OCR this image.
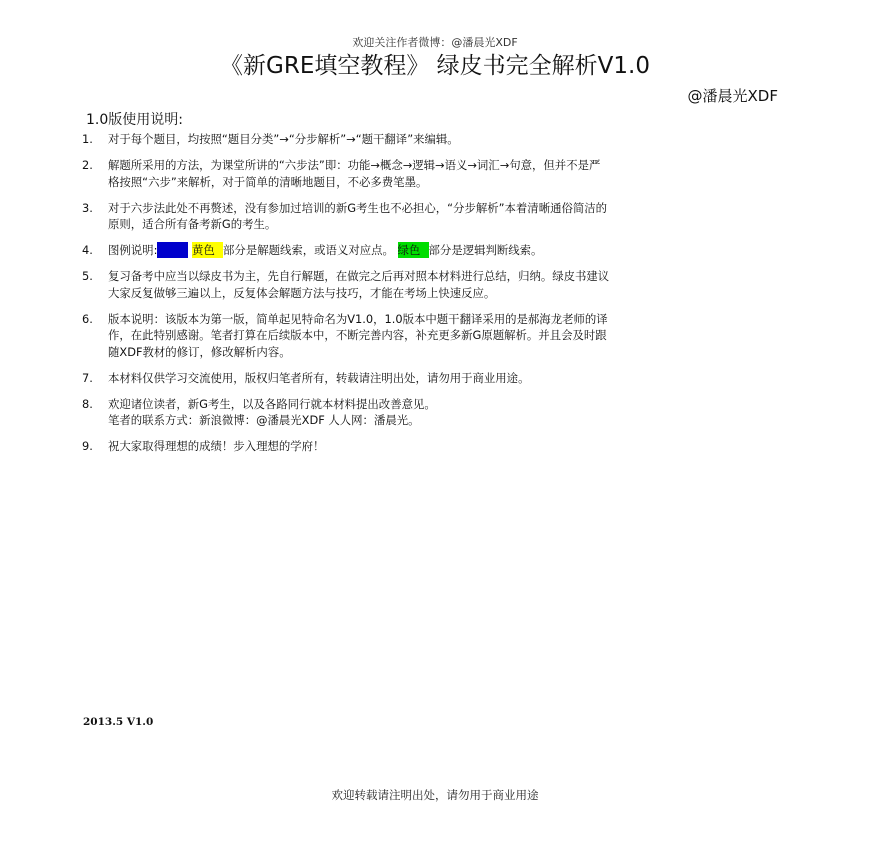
欢迎关注作者微博：@潘晨光XDF
《新GRE填空教程》 绿皮书完全解析V1.0
@潘晨光XDF
1.0版使用说明:
1.	对于每个题目，均按照“题目分类”→“分步解析”→“题干翻译”来编辑。
2.	解题所采用的方法，为课堂所讲的“六步法”即：功能→概念→逻辑→语义→词汇→句意，但并不是严
格按照“六步”来解析，对于简单的清晰地题目，不必多费笔墨。
3.	对于六步法此处不再赘述，没有参加过培训的新G考生也不必担心，“分步解析”本着清晰通俗简洁的
原则，适合所有备考新G的考生。
4.	图例说明:蓝色 黄色 部分是解题线索，或语义对应点。 绿色 部分是逻辑判断线索。
5.	复习备考中应当以绿皮书为主，先自行解题，在做完之后再对照本材料进行总结，归纳。绿皮书建议
大家反复做够三遍以上，反复体会解题方法与技巧，才能在考场上快速反应。
6.	版本说明：该版本为第一版，简单起见特命名为V1.0，1.0版本中题干翻译采用的是郝海龙老师的译
作，在此特别感谢。笔者打算在后续版本中，不断完善内容，补充更多新G原题解析。并且会及时跟
随XDF教材的修订，修改解析内容。
7.	本材料仅供学习交流使用，版权归笔者所有，转载请注明出处，请勿用于商业用途。
8.	欢迎诸位读者，新G考生，以及各路同行就本材料提出改善意见。
笔者的联系方式：新浪微博：@潘晨光XDF 人人网：潘晨光。
9.	祝大家取得理想的成绩！步入理想的学府！
2013.5 V1.0
欢迎转载请注明出处，请勿用于商业用途
